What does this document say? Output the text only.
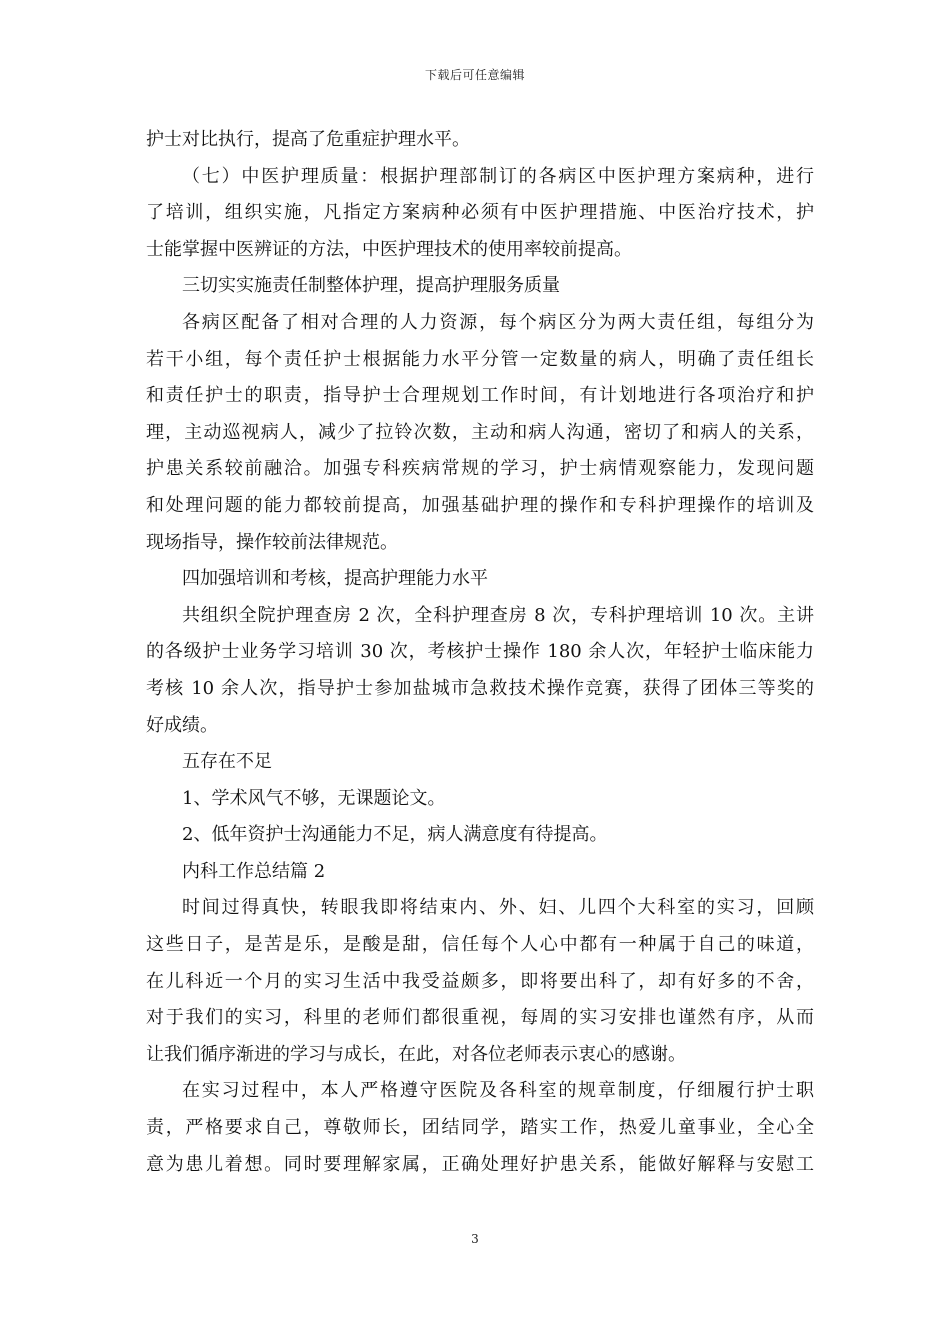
下载后可任意编辑
护士对比执行，提高了危重症护理水平。
（七）中医护理质量：根据护理部制订的各病区中医护理方案病种，进行
了培训，组织实施，凡指定方案病种必须有中医护理措施、中医治疗技术，护
士能掌握中医辨证的方法，中医护理技术的使用率较前提高。
三切实实施责任制整体护理，提高护理服务质量
各病区配备了相对合理的人力资源，每个病区分为两大责任组，每组分为
若干小组，每个责任护士根据能力水平分管一定数量的病人，明确了责任组长
和责任护士的职责，指导护士合理规划工作时间，有计划地进行各项治疗和护
理，主动巡视病人，减少了拉铃次数，主动和病人沟通，密切了和病人的关系，
护患关系较前融洽。加强专科疾病常规的学习，护士病情观察能力，发现问题
和处理问题的能力都较前提高，加强基础护理的操作和专科护理操作的培训及
现场指导，操作较前法律规范。
四加强培训和考核，提高护理能力水平
共组织全院护理查房 2 次，全科护理查房 8 次，专科护理培训 10 次。主讲
的各级护士业务学习培训 30 次，考核护士操作 180 余人次，年轻护士临床能力
考核 10 余人次，指导护士参加盐城市急救技术操作竞赛，获得了团体三等奖的
好成绩。
五存在不足
1、学术风气不够，无课题论文。
2、低年资护士沟通能力不足，病人满意度有待提高。
内科工作总结篇 2
时间过得真快，转眼我即将结束内、外、妇、儿四个大科室的实习，回顾
这些日子，是苦是乐，是酸是甜，信任每个人心中都有一种属于自己的味道，
在儿科近一个月的实习生活中我受益颇多，即将要出科了，却有好多的不舍，
对于我们的实习，科里的老师们都很重视，每周的实习安排也谨然有序，从而
让我们循序渐进的学习与成长，在此，对各位老师表示衷心的感谢。
在实习过程中，本人严格遵守医院及各科室的规章制度，仔细履行护士职
责，严格要求自己，尊敬师长，团结同学，踏实工作，热爱儿童事业，全心全
意为患儿着想。同时要理解家属，正确处理好护患关系，能做好解释与安慰工
3
